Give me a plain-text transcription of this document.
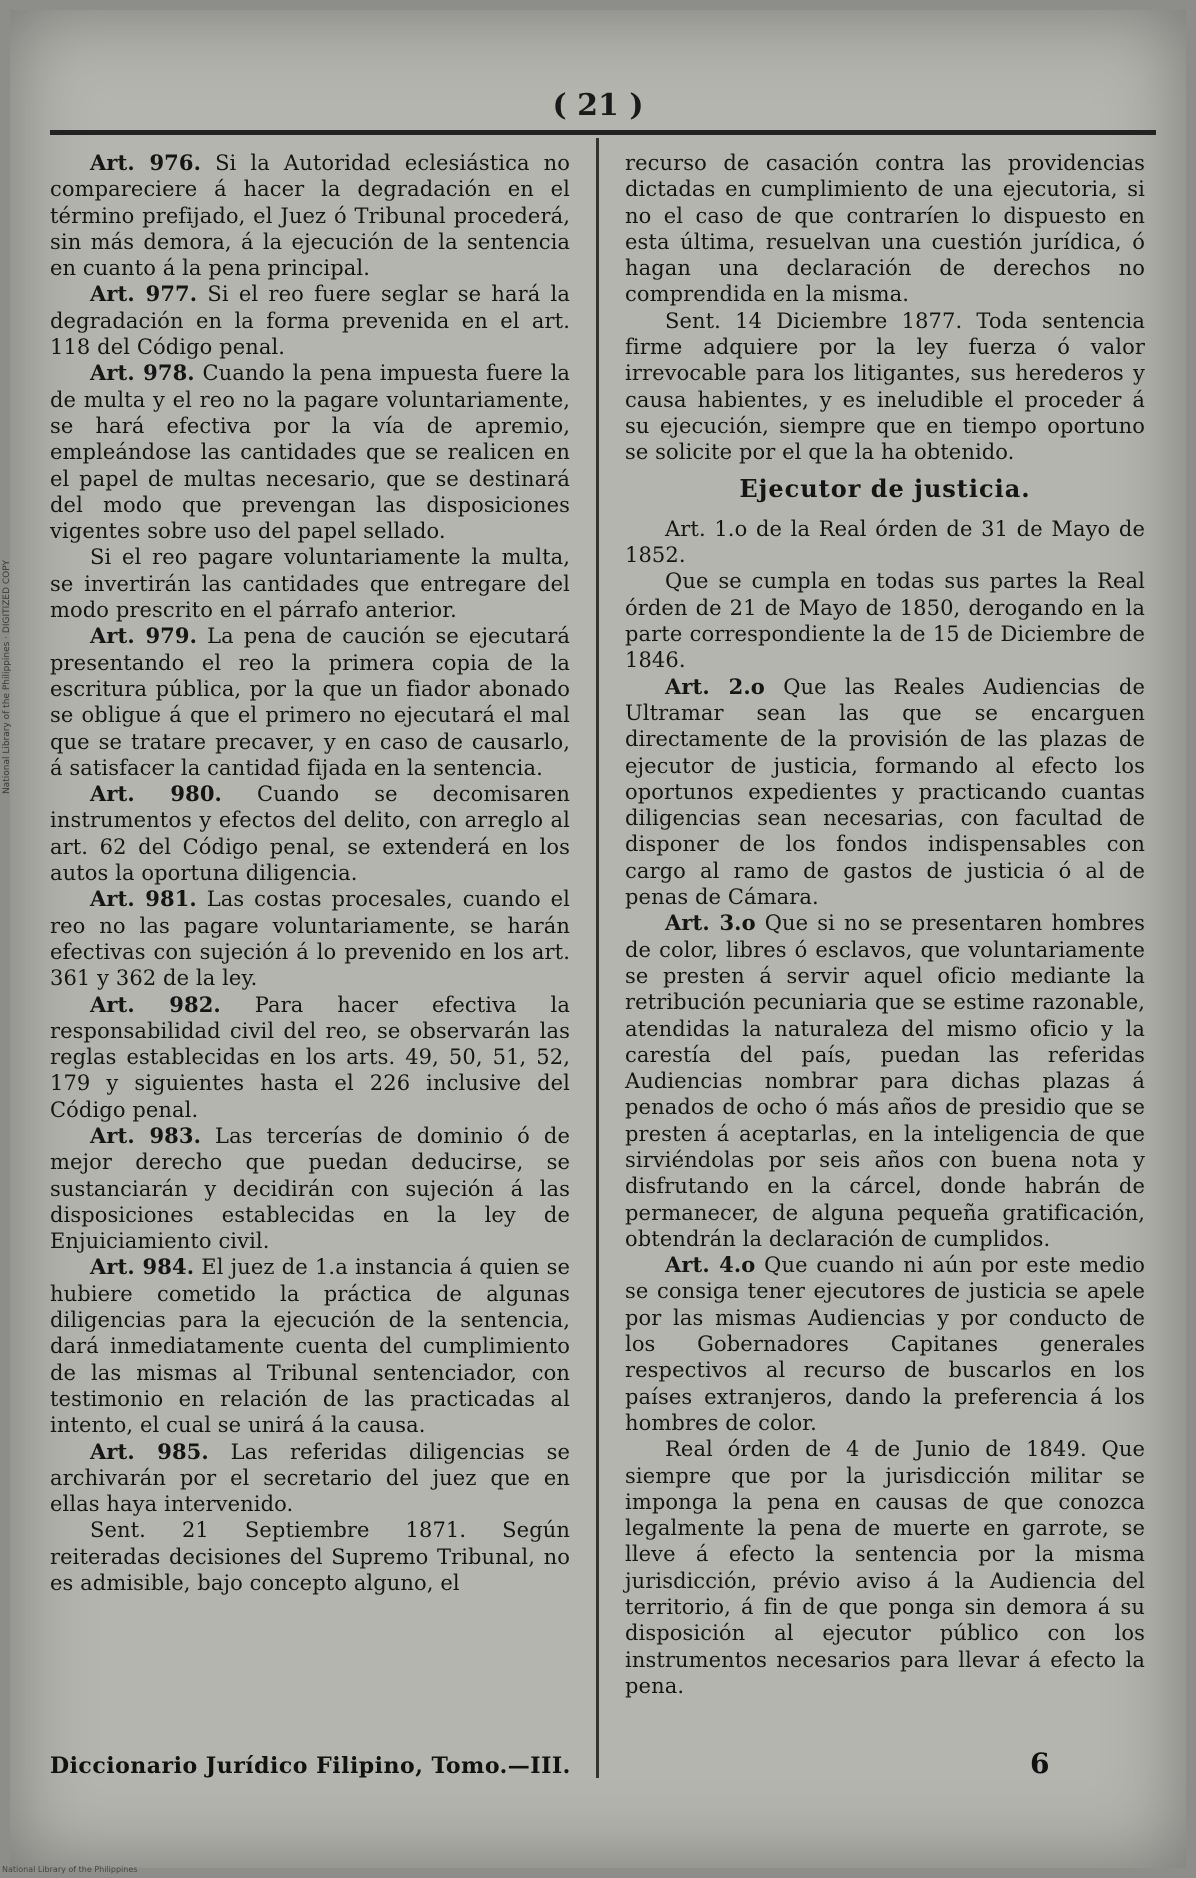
( 21 )

Art. 976. Si la Autoridad eclesiástica no compareciere á hacer la degradación en el término prefijado, el Juez ó Tribunal procederá, sin más demora, á la ejecución de la sentencia en cuanto á la pena principal.

Art. 977. Si el reo fuere seglar se hará la degradación en la forma prevenida en el art. 118 del Código penal.

Art. 978. Cuando la pena impuesta fuere la de multa y el reo no la pagare voluntariamente, se hará efectiva por la vía de apremio, empleándose las cantidades que se realicen en el papel de multas necesario, que se destinará del modo que prevengan las disposiciones vigentes sobre uso del papel sellado.

Si el reo pagare voluntariamente la multa, se invertirán las cantidades que entregare del modo prescrito en el párrafo anterior.

Art. 979. La pena de caución se ejecutará presentando el reo la primera copia de la escritura pública, por la que un fiador abonado se obligue á que el primero no ejecutará el mal que se tratare precaver, y en caso de causarlo, á satisfacer la cantidad fijada en la sentencia.

Art. 980. Cuando se decomisaren instrumentos y efectos del delito, con arreglo al art. 62 del Código penal, se extenderá en los autos la oportuna diligencia.

Art. 981. Las costas procesales, cuando el reo no las pagare voluntariamente, se harán efectivas con sujeción á lo prevenido en los art. 361 y 362 de la ley.

Art. 982. Para hacer efectiva la responsabilidad civil del reo, se observarán las reglas establecidas en los arts. 49, 50, 51, 52, 179 y siguientes hasta el 226 inclusive del Código penal.

Art. 983. Las tercerías de dominio ó de mejor derecho que puedan deducirse, se sustanciarán y decidirán con sujeción á las disposiciones establecidas en la ley de Enjuiciamiento civil.

Art. 984. El juez de 1.a instancia á quien se hubiere cometido la práctica de algunas diligencias para la ejecución de la sentencia, dará inmediatamente cuenta del cumplimiento de las mismas al Tribunal sentenciador, con testimonio en relación de las practicadas al intento, el cual se unirá á la causa.

Art. 985. Las referidas diligencias se archivarán por el secretario del juez que en ellas haya intervenido.

Sent. 21 Septiembre 1871. Según reiteradas decisiones del Supremo Tribunal, no es admisible, bajo concepto alguno, el

recurso de casación contra las providencias dictadas en cumplimiento de una ejecutoria, si no el caso de que contraríen lo dispuesto en esta última, resuelvan una cuestión jurídica, ó hagan una declaración de derechos no comprendida en la misma.

Sent. 14 Diciembre 1877. Toda sentencia firme adquiere por la ley fuerza ó valor irrevocable para los litigantes, sus herederos y causa habientes, y es ineludible el proceder á su ejecución, siempre que en tiempo oportuno se solicite por el que la ha obtenido.

Ejecutor de justicia.

Art. 1.o de la Real órden de 31 de Mayo de 1852.

Que se cumpla en todas sus partes la Real órden de 21 de Mayo de 1850, derogando en la parte correspondiente la de 15 de Diciembre de 1846.

Art. 2.o Que las Reales Audiencias de Ultramar sean las que se encarguen directamente de la provisión de las plazas de ejecutor de justicia, formando al efecto los oportunos expedientes y practicando cuantas diligencias sean necesarias, con facultad de disponer de los fondos indispensables con cargo al ramo de gastos de justicia ó al de penas de Cámara.

Art. 3.o Que si no se presentaren hombres de color, libres ó esclavos, que voluntariamente se presten á servir aquel oficio mediante la retribución pecuniaria que se estime razonable, atendidas la naturaleza del mismo oficio y la carestía del país, puedan las referidas Audiencias nombrar para dichas plazas á penados de ocho ó más años de presidio que se presten á aceptarlas, en la inteligencia de que sirviéndolas por seis años con buena nota y disfrutando en la cárcel, donde habrán de permanecer, de alguna pequeña gratificación, obtendrán la declaración de cumplidos.

Art. 4.o Que cuando ni aún por este medio se consiga tener ejecutores de justicia se apele por las mismas Audiencias y por conducto de los Gobernadores Capitanes generales respectivos al recurso de buscarlos en los países extranjeros, dando la preferencia á los hombres de color.

Real órden de 4 de Junio de 1849. Que siempre que por la jurisdicción militar se imponga la pena en causas de que conozca legalmente la pena de muerte en garrote, se lleve á efecto la sentencia por la misma jurisdicción, prévio aviso á la Audiencia del territorio, á fin de que ponga sin demora á su disposición al ejecutor público con los instrumentos necesarios para llevar á efecto la pena.

Diccionario Jurídico Filipino, Tomo.—III.	6
National Library of the Philippines · DIGITIZED COPY
National Library of the Philippines
